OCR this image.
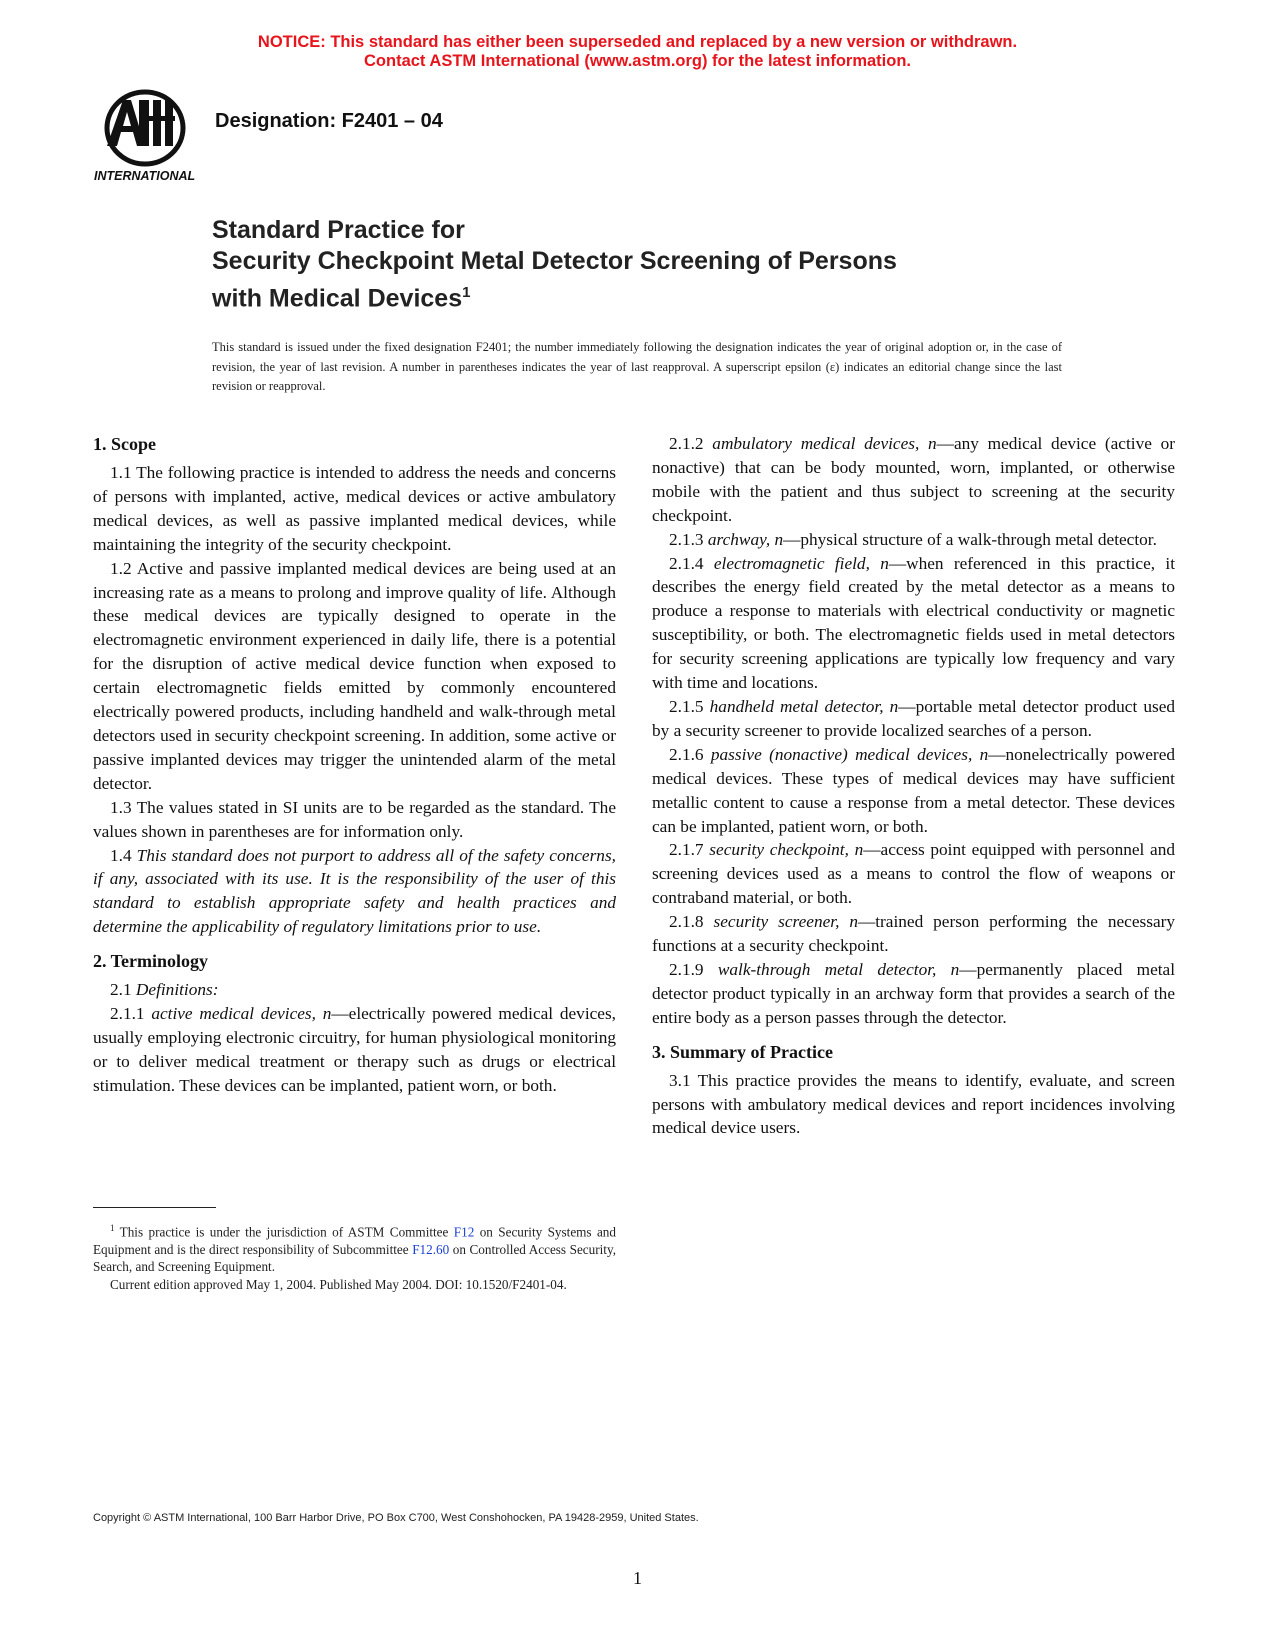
NOTICE: This standard has either been superseded and replaced by a new version or withdrawn.
Contact ASTM International (www.astm.org) for the latest information.
INTERNATIONAL
Designation: F2401 – 04
Standard Practice for
Security Checkpoint Metal Detector Screening of Persons
with Medical Devices$^1$
This standard is issued under the fixed designation F2401; the number immediately following the designation indicates the year of original adoption or, in the case of revision, the year of last revision. A number in parentheses indicates the year of last reapproval. A superscript epsilon (ε) indicates an editorial change since the last revision or reapproval.
1. Scope

1.1 The following practice is intended to address the needs and concerns of persons with implanted, active, medical devices or active ambulatory medical devices, as well as passive implanted medical devices, while maintaining the integrity of the security checkpoint.

1.2 Active and passive implanted medical devices are being used at an increasing rate as a means to prolong and improve quality of life. Although these medical devices are typically designed to operate in the electromagnetic environment experienced in daily life, there is a potential for the disruption of active medical device function when exposed to certain electromagnetic fields emitted by commonly encountered electrically powered products, including handheld and walk-through metal detectors used in security checkpoint screening. In addition, some active or passive implanted devices may trigger the unintended alarm of the metal detector.

1.3 The values stated in SI units are to be regarded as the standard. The values shown in parentheses are for information only.

1.4 This standard does not purport to address all of the safety concerns, if any, associated with its use. It is the responsibility of the user of this standard to establish appropriate safety and health practices and determine the applicability of regulatory limitations prior to use.

2. Terminology

2.1 Definitions:

2.1.1 active medical devices, n—electrically powered medical devices, usually employing electronic circuitry, for human physiological monitoring or to deliver medical treatment or therapy such as drugs or electrical stimulation. These devices can be implanted, patient worn, or both.

2.1.2 ambulatory medical devices, n—any medical device (active or nonactive) that can be body mounted, worn, implanted, or otherwise mobile with the patient and thus subject to screening at the security checkpoint.

2.1.3 archway, n—physical structure of a walk-through metal detector.

2.1.4 electromagnetic field, n—when referenced in this practice, it describes the energy field created by the metal detector as a means to produce a response to materials with electrical conductivity or magnetic susceptibility, or both. The electromagnetic fields used in metal detectors for security screening applications are typically low frequency and vary with time and locations.

2.1.5 handheld metal detector, n—portable metal detector product used by a security screener to provide localized searches of a person.

2.1.6 passive (nonactive) medical devices, n—nonelectrically powered medical devices. These types of medical devices may have sufficient metallic content to cause a response from a metal detector. These devices can be implanted, patient worn, or both.

2.1.7 security checkpoint, n—access point equipped with personnel and screening devices used as a means to control the flow of weapons or contraband material, or both.

2.1.8 security screener, n—trained person performing the necessary functions at a security checkpoint.

2.1.9 walk-through metal detector, n—permanently placed metal detector product typically in an archway form that provides a search of the entire body as a person passes through the detector.

3. Summary of Practice

3.1 This practice provides the means to identify, evaluate, and screen persons with ambulatory medical devices and report incidences involving medical device users.

$^1$ This practice is under the jurisdiction of ASTM Committee F12 on Security Systems and Equipment and is the direct responsibility of Subcommittee F12.60 on Controlled Access Security, Search, and Screening Equipment.

Current edition approved May 1, 2004. Published May 2004. DOI: 10.1520/F2401-04.

Copyright © ASTM International, 100 Barr Harbor Drive, PO Box C700, West Conshohocken, PA 19428-2959, United States.
1
